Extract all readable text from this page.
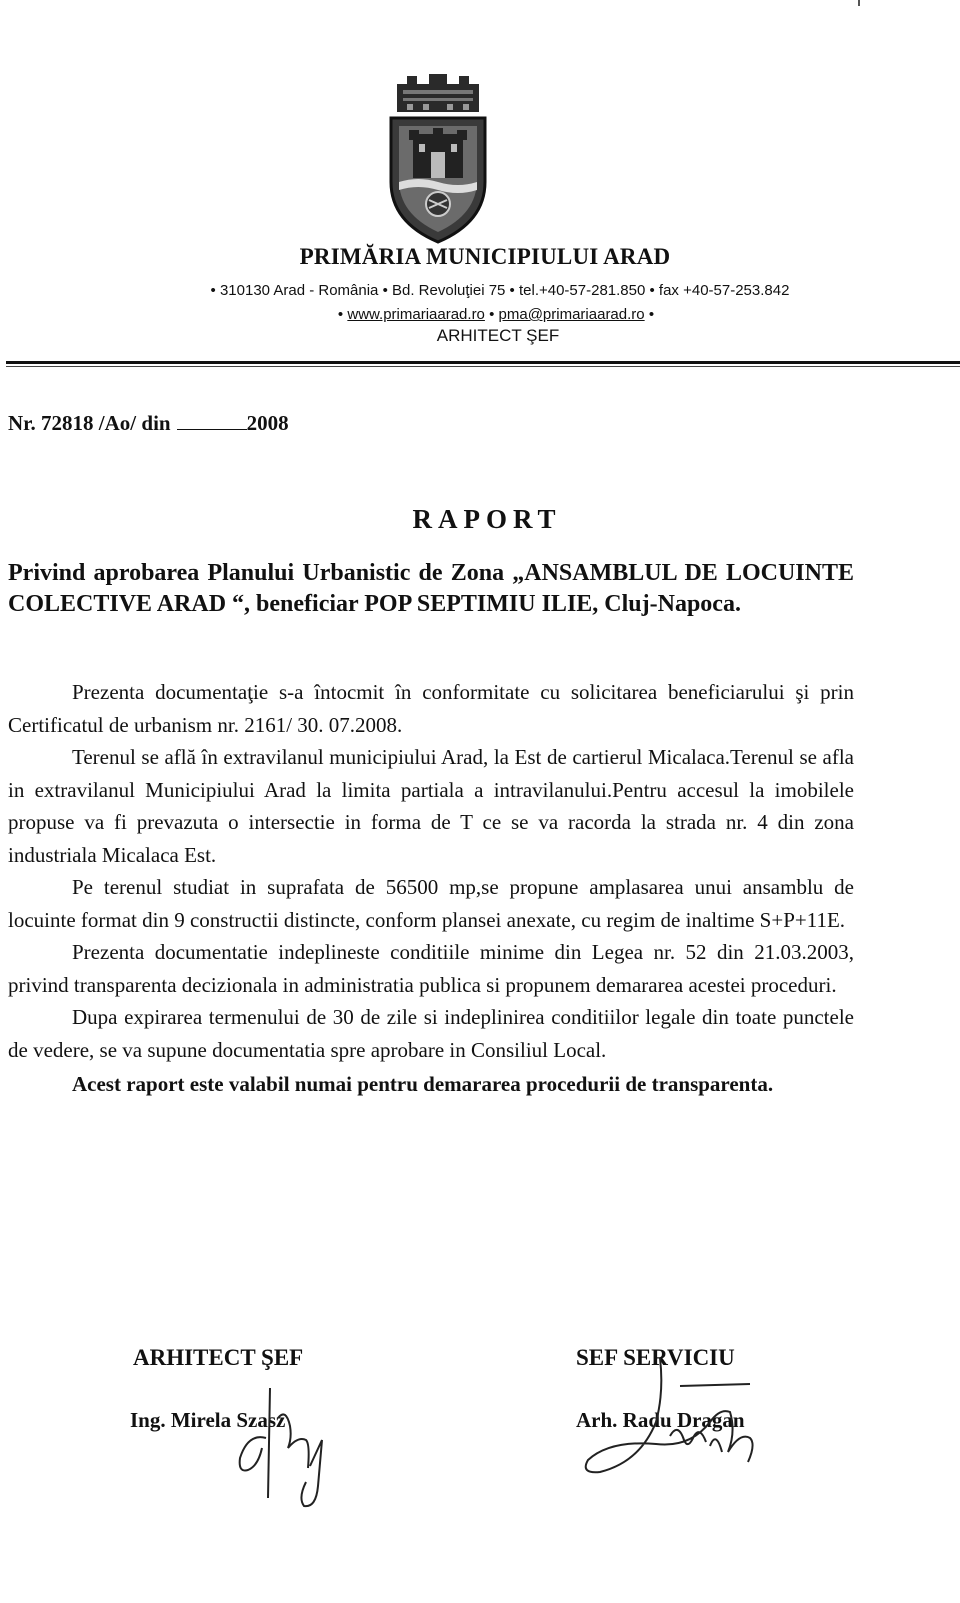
PRIMĂRIA MUNICIPIULUI ARAD
• 310130 Arad - România • Bd. Revoluţiei 75 • tel.+40-57-281.850 • fax +40-57-253.842
• www.primariaarad.ro • pma@primariaarad.ro •
ARHITECT ŞEF
Nr. 72818 /Ao/ din	2008
RAPORT
Privind aprobarea Planului Urbanistic de Zona „ANSAMBLUL DE LOCUINTE COLECTIVE ARAD “, beneficiar POP SEPTIMIU ILIE, Cluj-Napoca.

Prezenta documentaţie s-a întocmit în conformitate cu solicitarea beneficiarului şi prin Certificatul de urbanism nr. 2161/ 30. 07.2008.

Terenul se află în extravilanul municipiului Arad, la Est de cartierul Micalaca.Terenul se afla in extravilanul Municipiului Arad la limita partiala a intravilanului.Pentru accesul la imobilele propuse va fi prevazuta o intersectie in forma de T ce se va racorda la strada nr. 4 din zona industriala Micalaca Est.

Pe terenul studiat in suprafata de 56500 mp,se propune amplasarea unui ansamblu de locuinte format din 9 constructii distincte, conform plansei anexate, cu regim de inaltime S+P+11E.

Prezenta documentatie indeplineste conditiile minime din Legea nr. 52 din 21.03.2003, privind transparenta decizionala in administratia publica si propunem demararea acestei proceduri.

Dupa expirarea termenului de 30 de zile si indeplinirea conditiilor legale din toate punctele de vedere, se va supune documentatia spre aprobare in Consiliul Local.

Acest raport este valabil numai pentru demararea procedurii de transparenta.

ARHITECT ŞEF
Ing. Mirela Szasz
SEF SERVICIU
Arh. Radu Dragan
